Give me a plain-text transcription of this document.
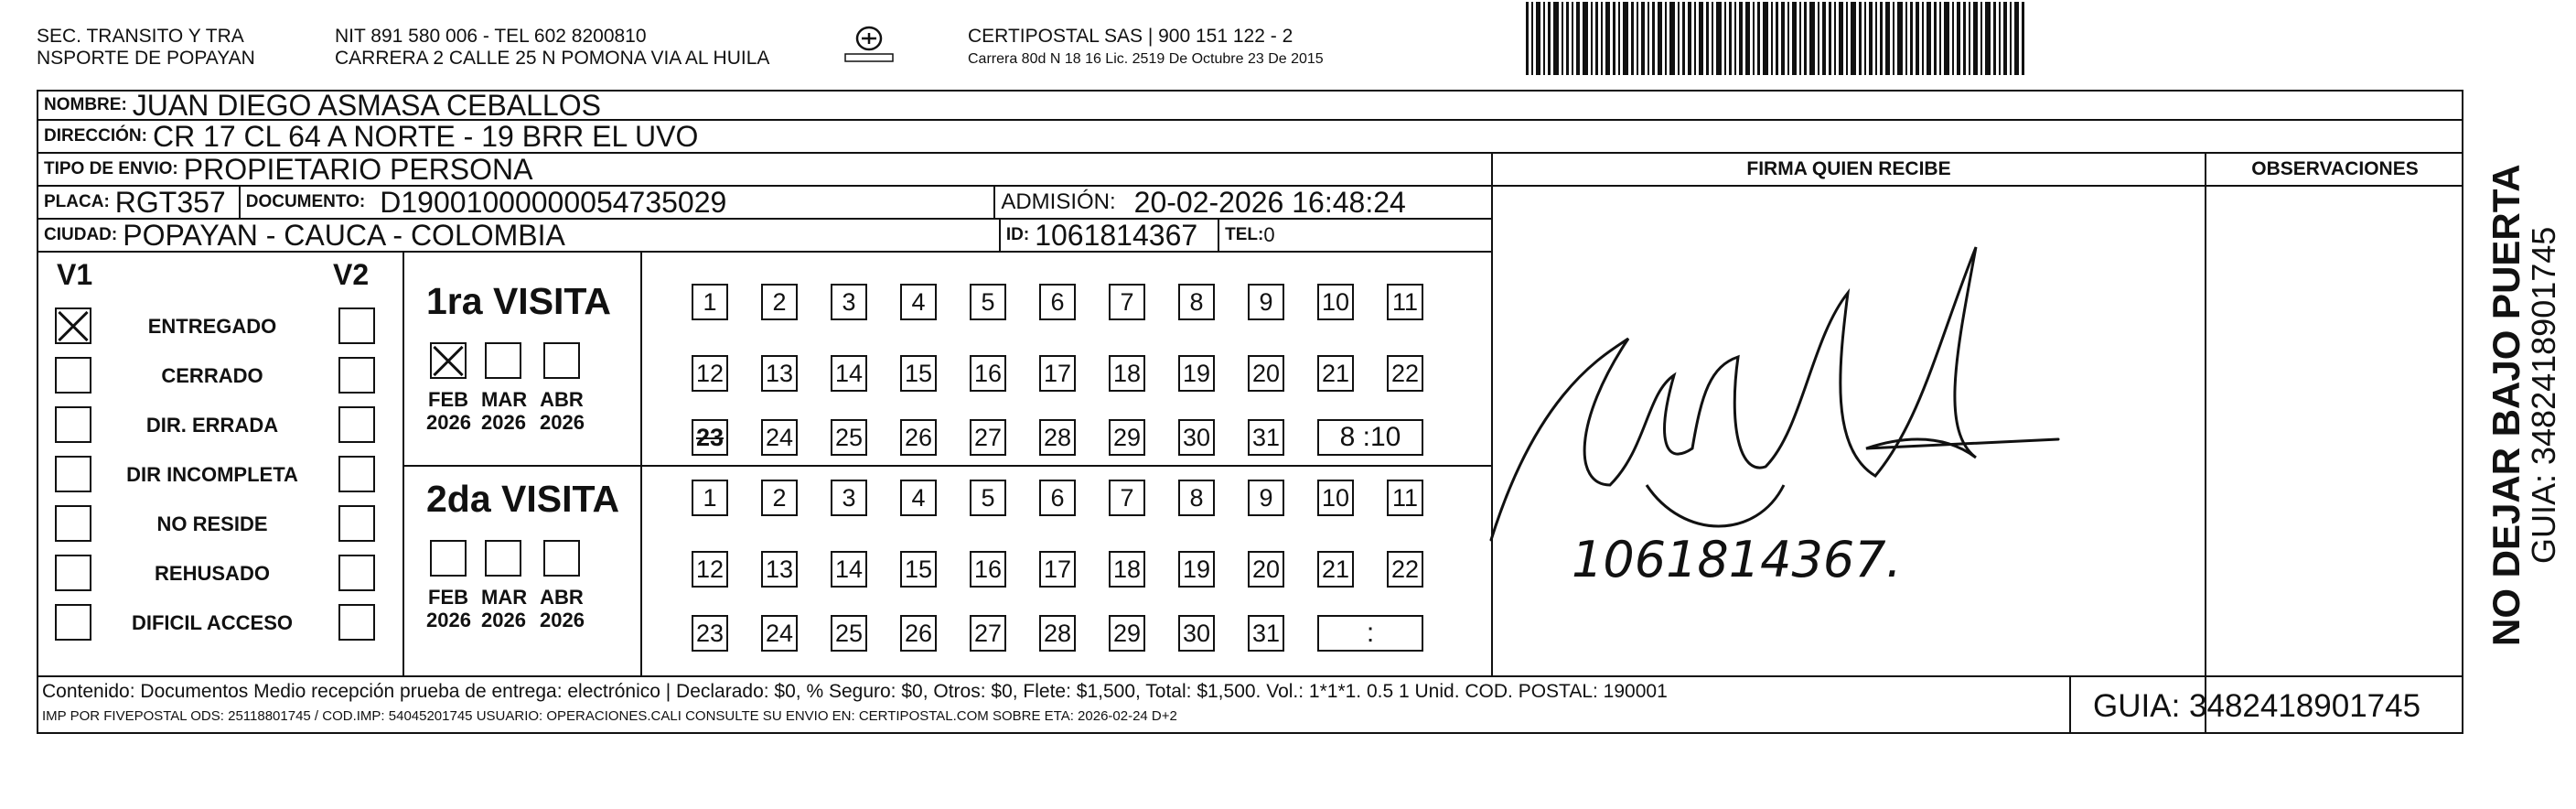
SEC. TRANSITO Y TRA
NSPORTE DE POPAYAN
NIT 891 580 006 - TEL 602 8200810
CARRERA 2 CALLE 25 N POMONA VIA AL HUILA
CERTIPOSTAL SAS | 900 151 122 - 2
Carrera 80d N 18 16 Lic. 2519 De Octubre 23 De 2015
NOMBRE: JUAN DIEGO ASMASA CEBALLOS
DIRECCIÓN: CR 17 CL 64 A NORTE - 19 BRR EL UVO
TIPO DE ENVIO: PROPIETARIO PERSONA	FIRMA QUIEN RECIBE	OBSERVACIONES
PLACA: RGT357 DOCUMENTO: D19001000000054735029	ADMISIÓN: 20-02-2026 16:48:24
CIUDAD: POPAYAN - CAUCA - COLOMBIA	ID: 1061814367 TEL: 0
V1	V2
ENTREGADO
CERRADO
DIR. ERRADA
DIR INCOMPLETA
NO RESIDE
REHUSADO
DIFICIL ACCESO
1ra VISITA
2da VISITA
FEB
2026
MAR
2026
ABR
2026
1	2	3	4	5	6	7	8	9	10 11
12 13 14 15 16 17 18 19 20 21 22
23 24 25 26 27 28 29 30 31	8 :10
FEB
2026
MAR
2026
ABR
2026
1	2	3	4	5	6	7	8	9	10 11
12 13 14 15 16 17 18 19 20 21 22
23 24 25 26 27 28 29 30 31	:
1061814367.
Contenido: Documentos Medio recepción prueba de entrega: electrónico | Declarado: $0, % Seguro: $0, Otros: $0, Flete: $1,500, Total: $1,500. Vol.: 1*1*1. 0.5 1 Unid. COD. POSTAL: 190001
IMP POR FIVEPOSTAL ODS: 25118801745 / COD.IMP: 54045201745 USUARIO: OPERACIONES.CALI CONSULTE SU ENVIO EN: CERTIPOSTAL.COM SOBRE ETA: 2026-02-24 D+2	GUIA: 3482418901745
NO DEJAR BAJO PUERTA
GUIA: 3482418901745
